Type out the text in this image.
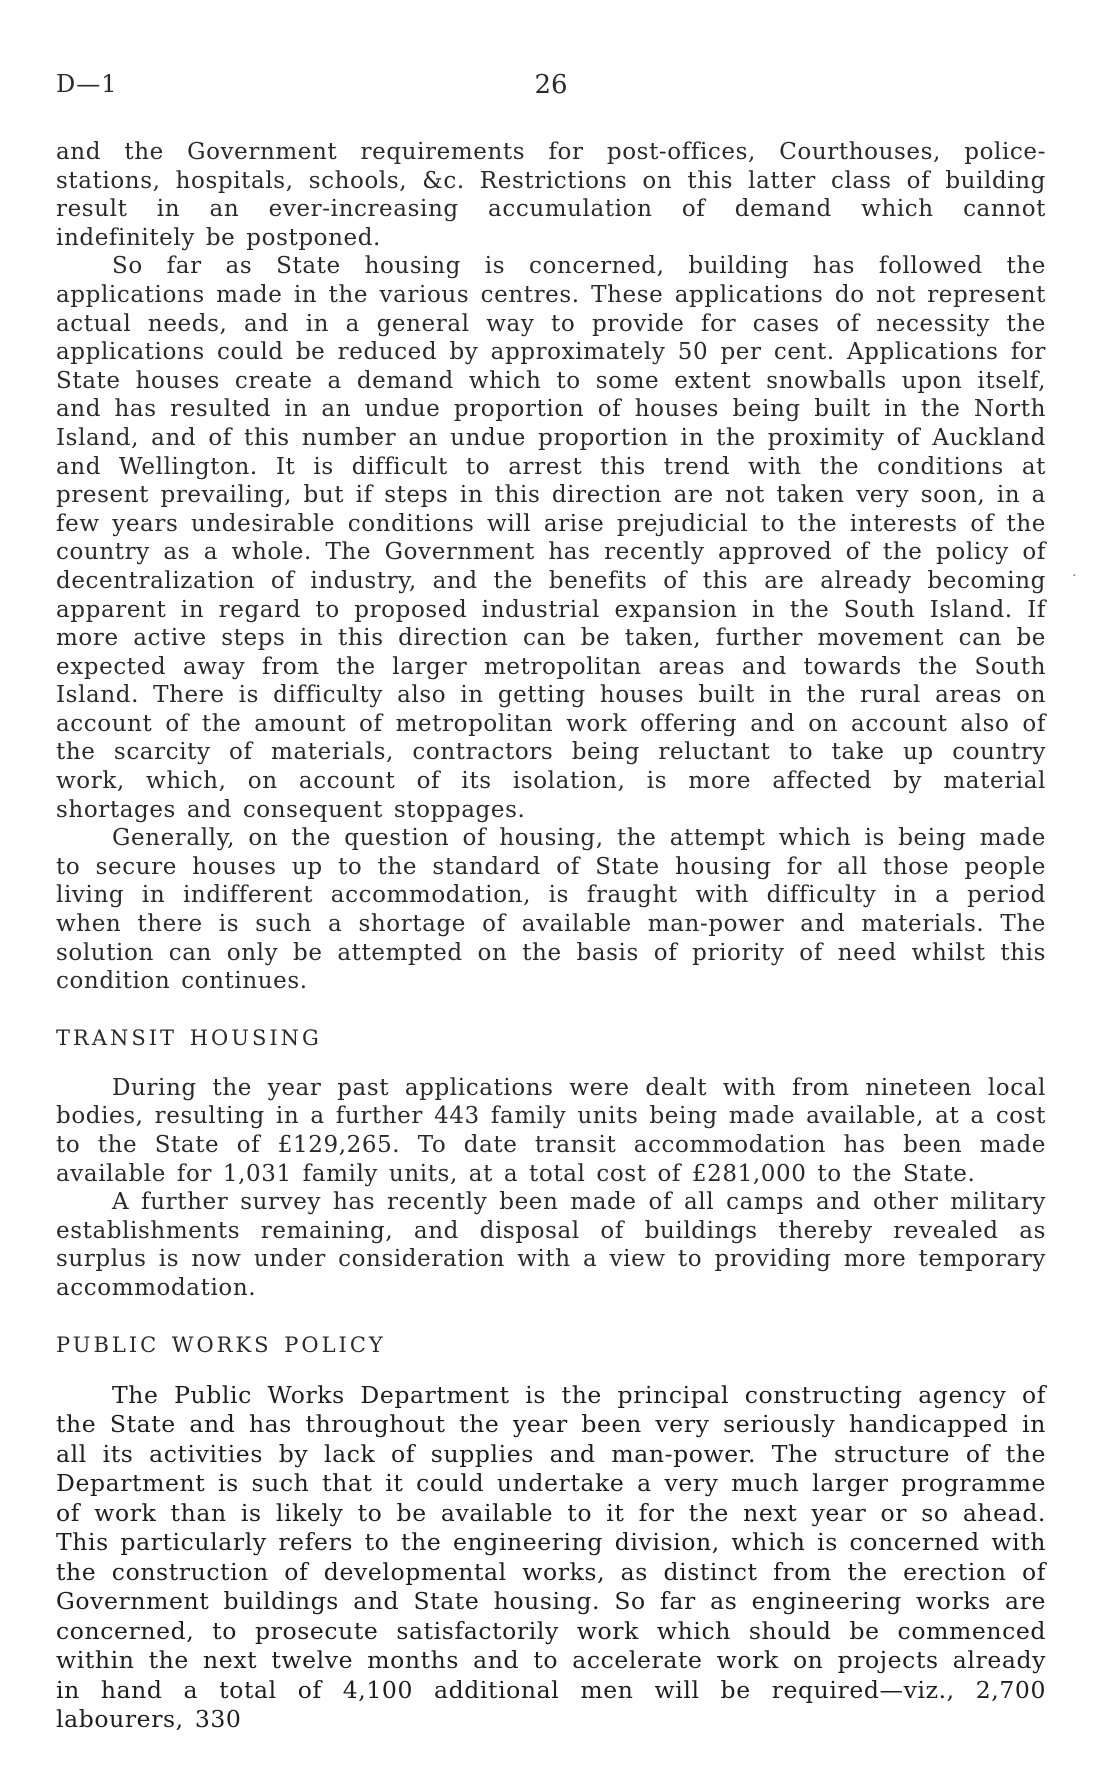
D—1	26

and the Government requirements for post-offices, Courthouses, police-stations, hospitals, schools, &c. Restrictions on this latter class of building result in an ever-increasing accumulation of demand which cannot indefinitely be postponed.

So far as State housing is concerned, building has followed the applications made in the various centres. These applications do not represent actual needs, and in a general way to provide for cases of necessity the applications could be reduced by approximately 50 per cent. Applications for State houses create a demand which to some extent snowballs upon itself, and has resulted in an undue proportion of houses being built in the North Island, and of this number an undue proportion in the proximity of Auckland and Wellington. It is difficult to arrest this trend with the conditions at present prevailing, but if steps in this direction are not taken very soon, in a few years undesirable conditions will arise prejudicial to the interests of the country as a whole. The Government has recently approved of the policy of decentralization of industry, and the benefits of this are already becoming apparent in regard to proposed industrial expansion in the South Island. If more active steps in this direction can be taken, further movement can be expected away from the larger metropolitan areas and towards the South Island. There is difficulty also in getting houses built in the rural areas on account of the amount of metropolitan work offering and on account also of the scarcity of materials, contractors being reluctant to take up country work, which, on account of its isolation, is more affected by material shortages and consequent stoppages.

Generally, on the question of housing, the attempt which is being made to secure houses up to the standard of State housing for all those people living in indifferent accommodation, is fraught with difficulty in a period when there is such a shortage of available man-power and materials. The solution can only be attempted on the basis of priority of need whilst this condition continues.

TRANSIT HOUSING

During the year past applications were dealt with from nineteen local bodies, resulting in a further 443 family units being made available, at a cost to the State of £129,265. To date transit accommodation has been made available for 1,031 family units, at a total cost of £281,000 to the State.

A further survey has recently been made of all camps and other military establishments remaining, and disposal of buildings thereby revealed as surplus is now under consideration with a view to providing more temporary accommodation.

PUBLIC WORKS POLICY

The Public Works Department is the principal constructing agency of the State and has throughout the year been very seriously handicapped in all its activities by lack of supplies and man-power. The structure of the Department is such that it could undertake a very much larger programme of work than is likely to be available to it for the next year or so ahead. This particularly refers to the engineering division, which is concerned with the construction of developmental works, as distinct from the erection of Government buildings and State housing. So far as engineering works are concerned, to prosecute satisfactorily work which should be commenced within the next twelve months and to accelerate work on projects already in hand a total of 4,100 additional men will be required—viz., 2,700 labourers, 330

·
